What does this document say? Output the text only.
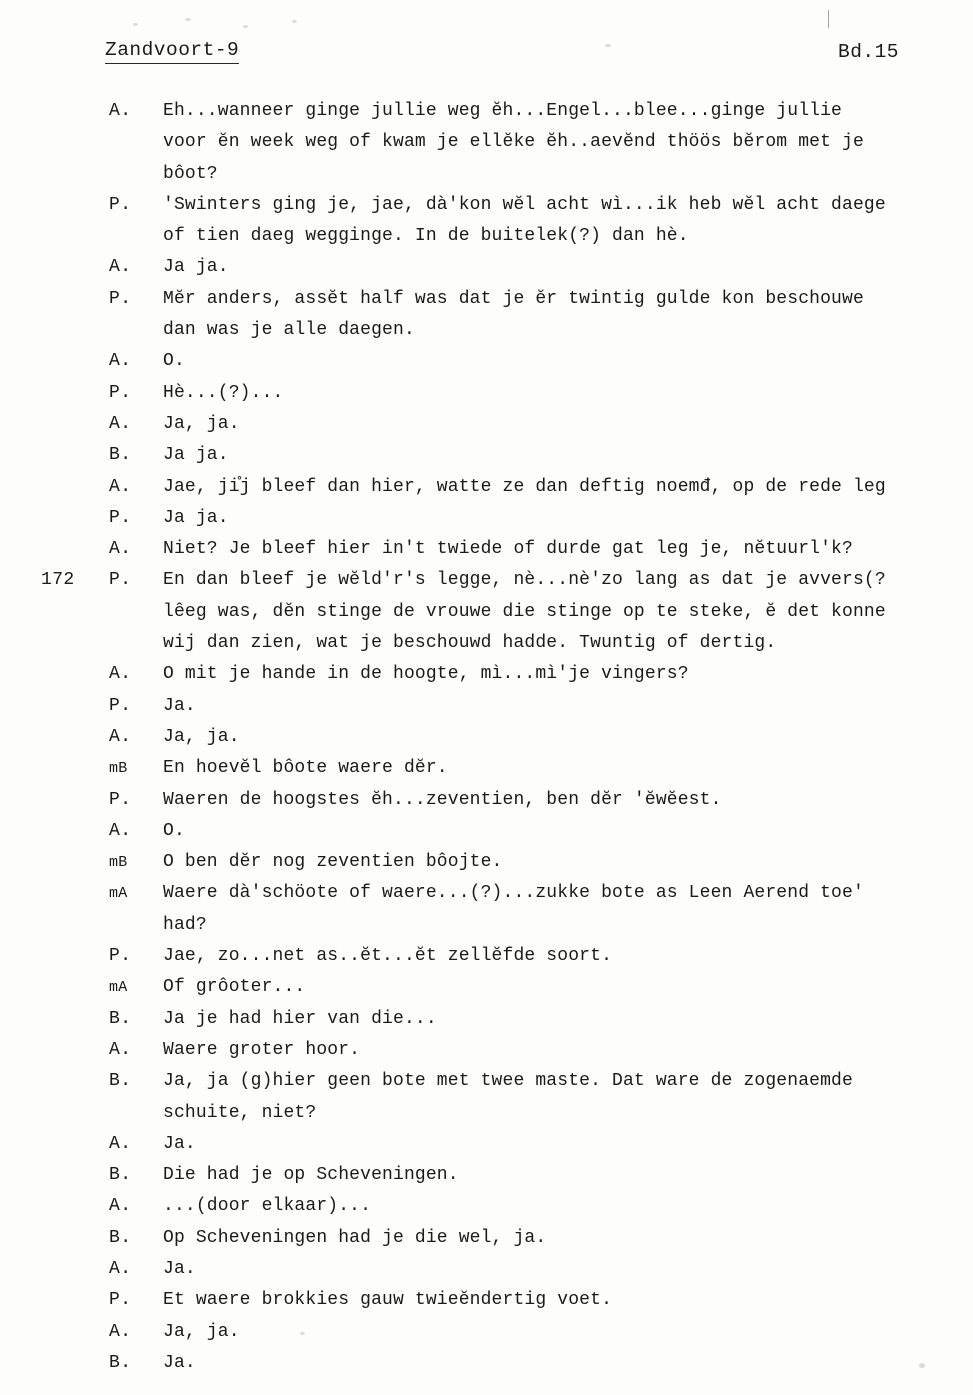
Zandvoort-9	Bd.15
A.	Eh...wanneer ginge jullie weg ĕh...Engel...blee...ginge jullie
voor ĕn week weg of kwam je ellĕke ĕh..aevĕnd thöös bĕrom met je
bôot?
P.	'Swinters ging je, jae, dà'kon wĕl acht wì...ik heb wĕl acht daege
of tien daeg wegginge. In de buitelek(?) dan hè.
A.	Ja ja.
P.	Mĕr anders, assĕt half was dat je ĕr twintig gulde kon beschouwe
dan was je alle daegen.
A.	O.
P.	Hè...(?)...
A.	Ja, ja.
B.	Ja ja.
A.	Jae, ji̊j bleef dan hier, watte ze dan deftig noemđ, op de rede leg
P.	Ja ja.
A.	Niet? Je bleef hier in't twiede of durde gat leg je, nĕtuurl'k?
172 P.	En dan bleef je wĕld'r's legge, nè...nè'zo lang as dat je avvers(?
lêeg was, dĕn stinge de vrouwe die stinge op te steke, ĕ det konne
wij dan zien, wat je beschouwd hadde. Twuntig of dertig.
A.	O mit je hande in de hoogte, mì...mì'je vingers?
P.	Ja.
A.	Ja, ja.
mB	En hoevĕl bôote waere dĕr.
P.	Waeren de hoogstes ĕh...zeventien, ben dĕr 'ĕwĕest.
A.	O.
mB	O ben dĕr nog zeventien bôojte.
mA	Waere dà'schöote of waere...(?)...zukke bote as Leen Aerend toe'
had?
P.	Jae, zo...net as..ĕt...ĕt zellĕfde soort.
mA	Of grôoter...
B.	Ja je had hier van die...
A.	Waere groter hoor.
B.	Ja, ja (g)hier geen bote met twee maste. Dat ware de zogenaemde
schuite, niet?
A.	Ja.
B.	Die had je op Scheveningen.
A.	...(door elkaar)...
B.	Op Scheveningen had je die wel, ja.
A.	Ja.
P.	Et waere brokkies gauw twieĕndertig voet.
A.	Ja, ja.
B.	Ja.
